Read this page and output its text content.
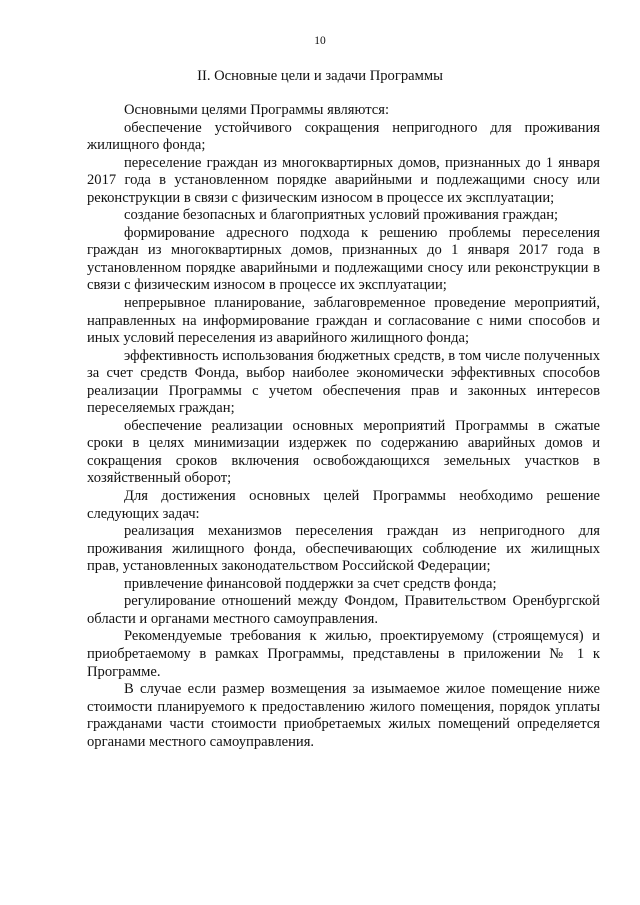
10
II. Основные цели и задачи Программы

Основными целями Программы являются:

обеспечение устойчивого сокращения непригодного для проживания жилищного фонда;

переселение граждан из многоквартирных домов, признанных до 1 января 2017 года в установленном порядке аварийными и подлежащими сносу или реконструкции в связи с физическим износом в процессе их эксплуатации;

создание безопасных и благоприятных условий проживания граждан;

формирование адресного подхода к решению проблемы переселения граждан из многоквартирных домов, признанных до 1 января 2017 года в установленном порядке аварийными и подлежащими сносу или реконструкции в связи с физическим износом в процессе их эксплуатации;

непрерывное планирование, заблаговременное проведение мероприятий, направленных на информирование граждан и согласование с ними способов и иных условий переселения из аварийного жилищного фонда;

эффективность использования бюджетных средств, в том числе полученных за счет средств Фонда, выбор наиболее экономически эффективных способов реализации Программы с учетом обеспечения прав и законных интересов переселяемых граждан;

обеспечение реализации основных мероприятий Программы в сжатые сроки в целях минимизации издержек по содержанию аварийных домов и сокращения сроков включения освобождающихся земельных участков в хозяйственный оборот;

Для достижения основных целей Программы необходимо решение следующих задач:

реализация механизмов переселения граждан из непригодного для проживания жилищного фонда, обеспечивающих соблюдение их жилищных прав, установленных законодательством Российской Федерации;

привлечение финансовой поддержки за счет средств фонда;

регулирование отношений между Фондом, Правительством Оренбургской области и органами местного самоуправления.

Рекомендуемые требования к жилью, проектируемому (строящемуся) и приобретаемому в рамках Программы, представлены в приложении № 1 к Программе.

В случае если размер возмещения за изымаемое жилое помещение ниже стоимости планируемого к предоставлению жилого помещения, порядок уплаты гражданами части стоимости приобретаемых жилых помещений определяется органами местного самоуправления.
